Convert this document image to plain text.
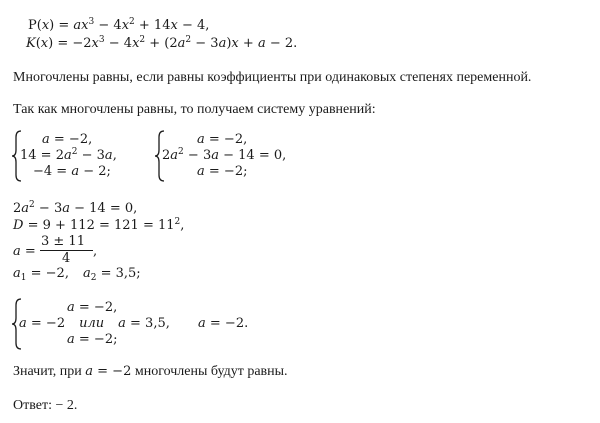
$P(x) = ax^3 - 4x^2 + 14x - 4$,
$K(x) = -2x^3 - 4x^2 + (2a^2 - 3a)x + a - 2$.
Многочлены равны, если равны коэффициенты при одинаковых степенях переменной.
Так как многочлены равны, то получаем систему уравнений:
a = −2,
$14 = 2a^2 - 3a$,
−4 = a − 2;
a = −2,
$2a^2 - 3a - 14 = 0$,
a = −2;
$2a^2 - 3a - 14 = 0$,
$D = 9 + 112 = 121 = 11^2$,
a =
3 ± 11
4 ,
$a_1 = -2$, $a_2 = 3,5$;
a = −2,
a = −2 или a = 3,5,
a = −2;
a = −2.
Значит, при a = −2 многочлены будут равны.
Ответ: − 2.
